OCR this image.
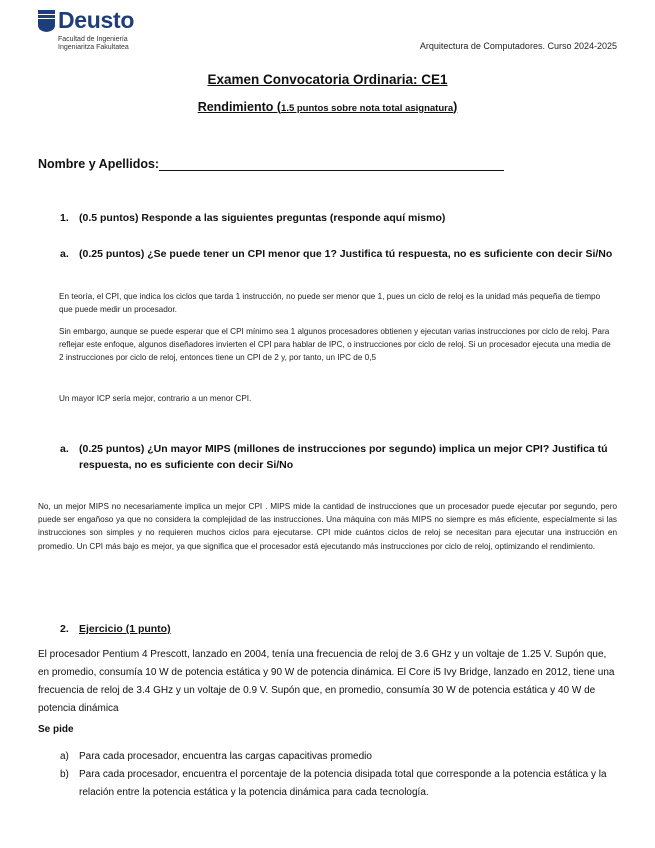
Deusto
Facultad de Ingeniería
Ingeniaritza Fakultatea	Arquitectura de Computadores. Curso 2024-2025
Examen Convocatoria Ordinaria: CE1
Rendimiento (1.5 puntos sobre nota total asignatura)
Nombre y Apellidos:
1. (0.5 puntos) Responde a las siguientes preguntas (responde aquí mismo)
a. (0.25 puntos) ¿Se puede tener un CPI menor que 1? Justifica tú respuesta, no es suficiente con decir Si/No
En teoría, el CPI, que indica los ciclos que tarda 1 instrucción, no puede ser menor que 1, pues un ciclo de reloj es la unidad más pequeña de tiempo que puede medir un procesador.
Sin embargo, aunque se puede esperar que el CPI mínimo sea 1 algunos procesadores obtienen y ejecutan varias instrucciones por ciclo de reloj. Para reflejar este enfoque, algunos diseñadores invierten el CPI para hablar de IPC, o instrucciones por ciclo de reloj. Si un procesador ejecuta una media de 2 instrucciones por ciclo de reloj, entonces tiene un CPI de 2 y, por tanto, un IPC de 0,5
Un mayor ICP sería mejor, contrario a un menor CPI.
a. (0.25 puntos) ¿Un mayor MIPS (millones de instrucciones por segundo) implica un mejor CPI? Justifica tú respuesta, no es suficiente con decir Si/No
No, un mejor MIPS no necesariamente implica un mejor CPI . MIPS mide la cantidad de instrucciones que un procesador puede ejecutar por segundo, pero puede ser engañoso ya que no considera la complejidad de las instrucciones. Una máquina con más MIPS no siempre es más eficiente, especialmente si las instrucciones son simples y no requieren muchos ciclos para ejecutarse. CPI mide cuántos ciclos de reloj se necesitan para ejecutar una instrucción en promedio. Un CPI más bajo es mejor, ya que significa que el procesador está ejecutando más instrucciones por ciclo de reloj, optimizando el rendimiento.
2. Ejercicio (1 punto)
El procesador Pentium 4 Prescott, lanzado en 2004, tenía una frecuencia de reloj de 3.6 GHz y un voltaje de 1.25 V. Supón que, en promedio, consumía 10 W de potencia estática y 90 W de potencia dinámica. El Core i5 Ivy Bridge, lanzado en 2012, tiene una frecuencia de reloj de 3.4 GHz y un voltaje de 0.9 V. Supón que, en promedio, consumía 30 W de potencia estática y 40 W de potencia dinámica
Se pide
a) Para cada procesador, encuentra las cargas capacitivas promedio
b) Para cada procesador, encuentra el porcentaje de la potencia disipada total que corresponde a la potencia estática y la relación entre la potencia estática y la potencia dinámica para cada tecnología.
